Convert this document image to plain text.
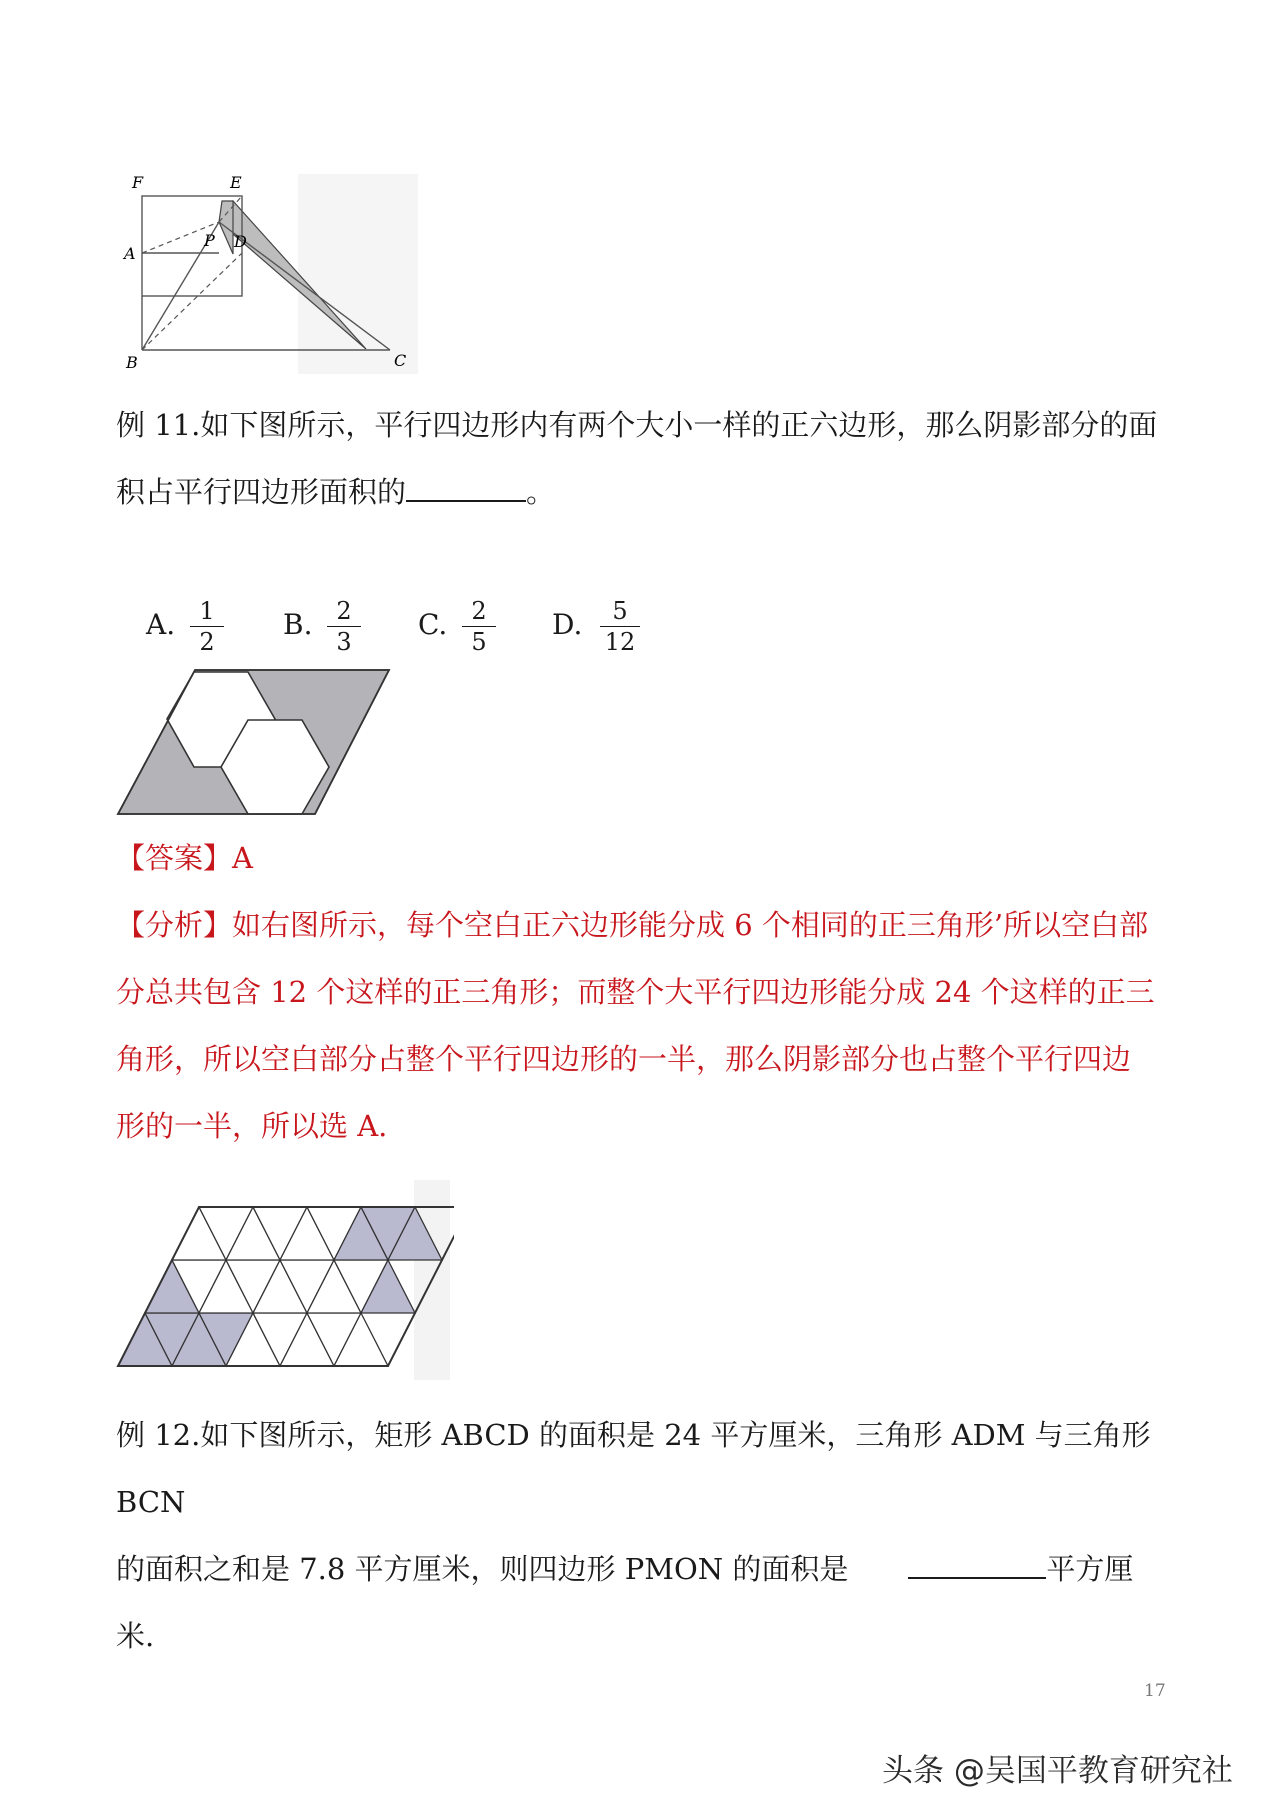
F	E
A
P D
B	C
例 11.如下图所示，平行四边形内有两个大小一样的正六边形，那么阴影部分的面
积占平行四边形面积的	。
A. $\frac{1}{2} B$. $\frac{2}{3} C$. $\frac{2}{5} D$. $\frac{5}{12}$
【答案】A
【分析】如右图所示，每个空白正六边形能分成 6 个相同的正三角形’所以空白部
分总共包含 12 个这样的正三角形；而整个大平行四边形能分成 24 个这样的正三
角形，所以空白部分占整个平行四边形的一半，那么阴影部分也占整个平行四边
形的一半，所以选 A.
例 12.如下图所示，矩形 ABCD 的面积是 24 平方厘米，三角形 ADM 与三角形 BCN
的面积之和是 7.8 平方厘米，则四边形 PMON 的面积是	平方厘米.
17
头条 @吴国平教育研究社
